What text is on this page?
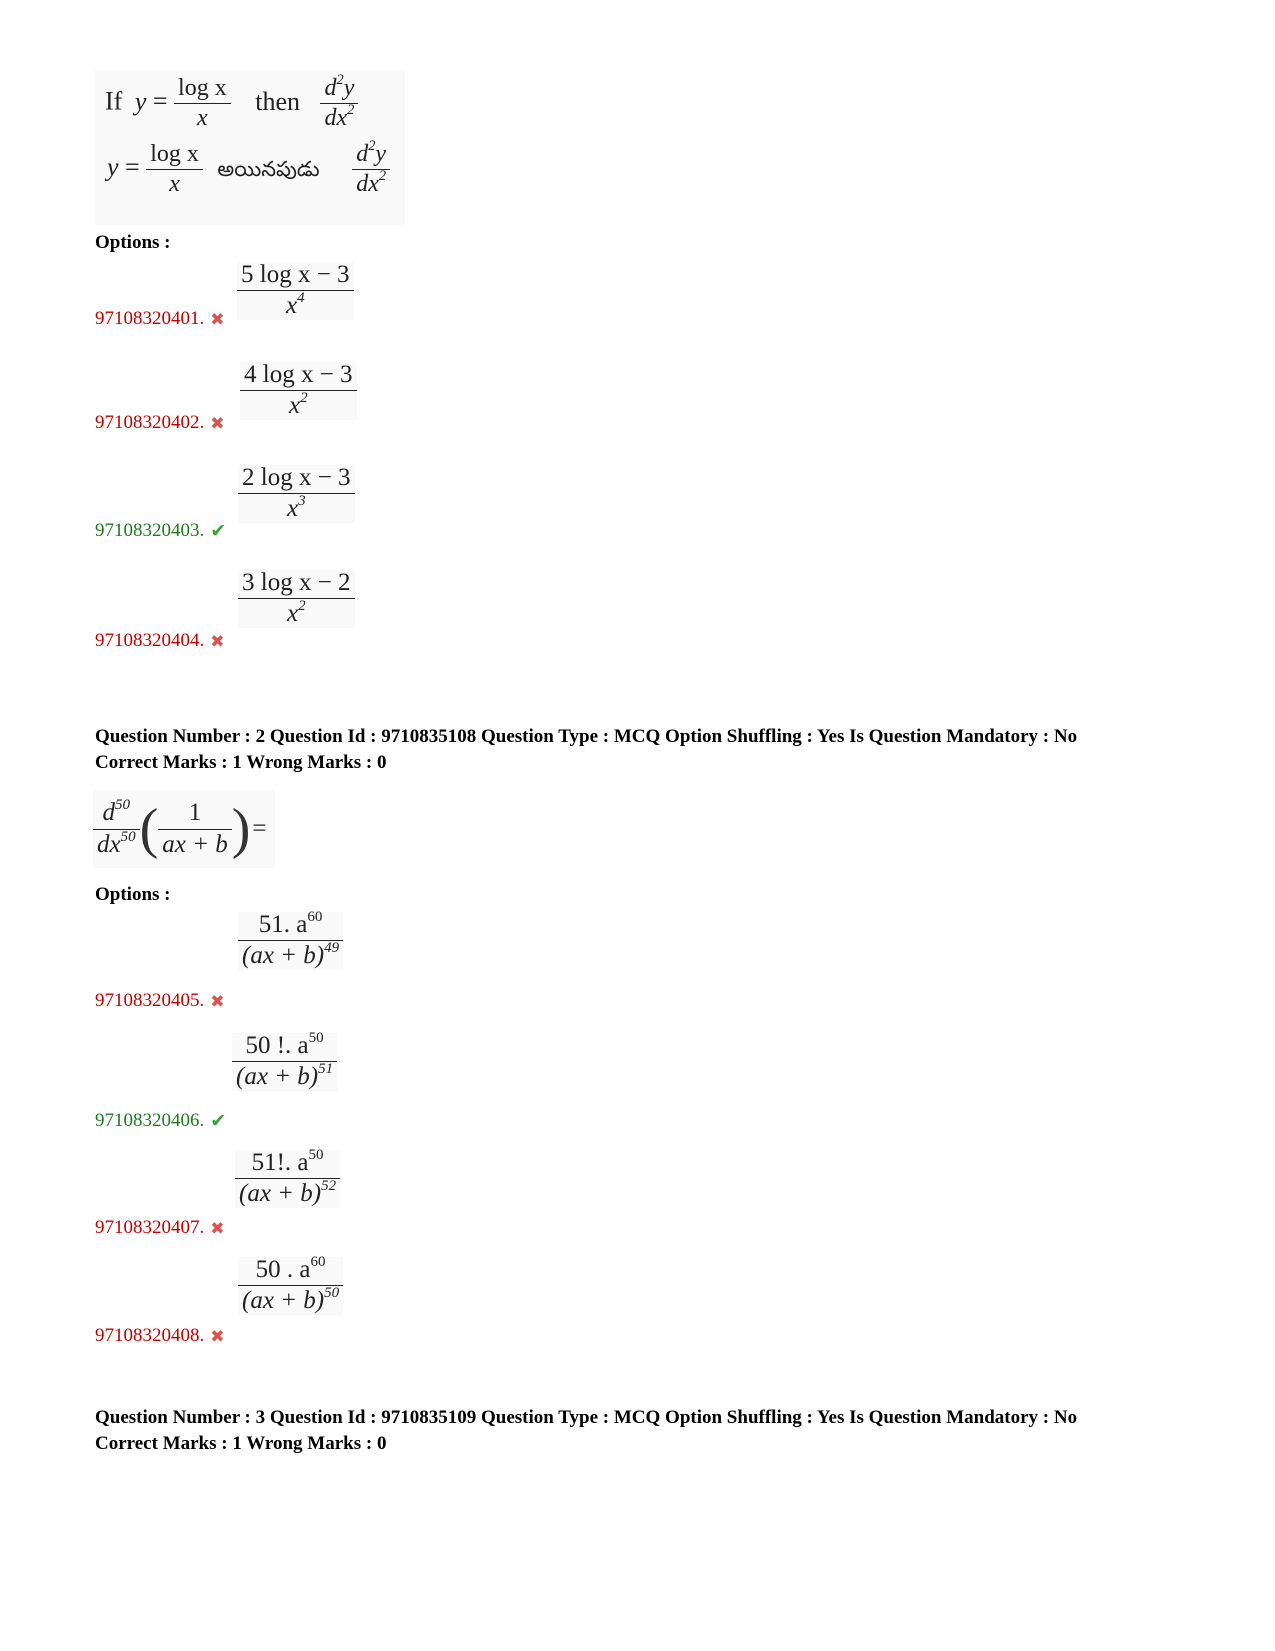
If $y = \frac{\text{log x}}{x}$ then $\frac{d^2y}{dx^2}$
$y = \frac{\text{log x}}{x}$ అయినపుడు $\frac{d^2y}{dx^2}$
Options :
$\frac{\text{5 log x − 3}}{x^4}$
97108320401. ✖
$\frac{\text{4 log x − 3}}{x^2}$
97108320402. ✖
$\frac{\text{2 log x − 3}}{x^3}$
97108320403. ✔
$\frac{\text{3 log x − 2}}{x^2}$
97108320404. ✖
Question Number : 2 Question Id : 9710835108 Question Type : MCQ Option Shuffling : Yes Is Question Mandatory : No
Correct Marks : 1 Wrong Marks : 0
$\frac{d^{50}}{dx^{50}}$ ( $\frac{1}{ax + b}$ ) =
Options :
$\frac{51. a^{60}}{(ax + b)^{49}}$
97108320405. ✖
$\frac{50 !. a^{50}}{(ax + b)^{51}}$
97108320406. ✔
$\frac{51!. a^{50}}{(ax + b)^{52}}$
97108320407. ✖
$\frac{50 . a^{60}}{(ax + b)^{50}}$
97108320408. ✖
Question Number : 3 Question Id : 9710835109 Question Type : MCQ Option Shuffling : Yes Is Question Mandatory : No
Correct Marks : 1 Wrong Marks : 0
